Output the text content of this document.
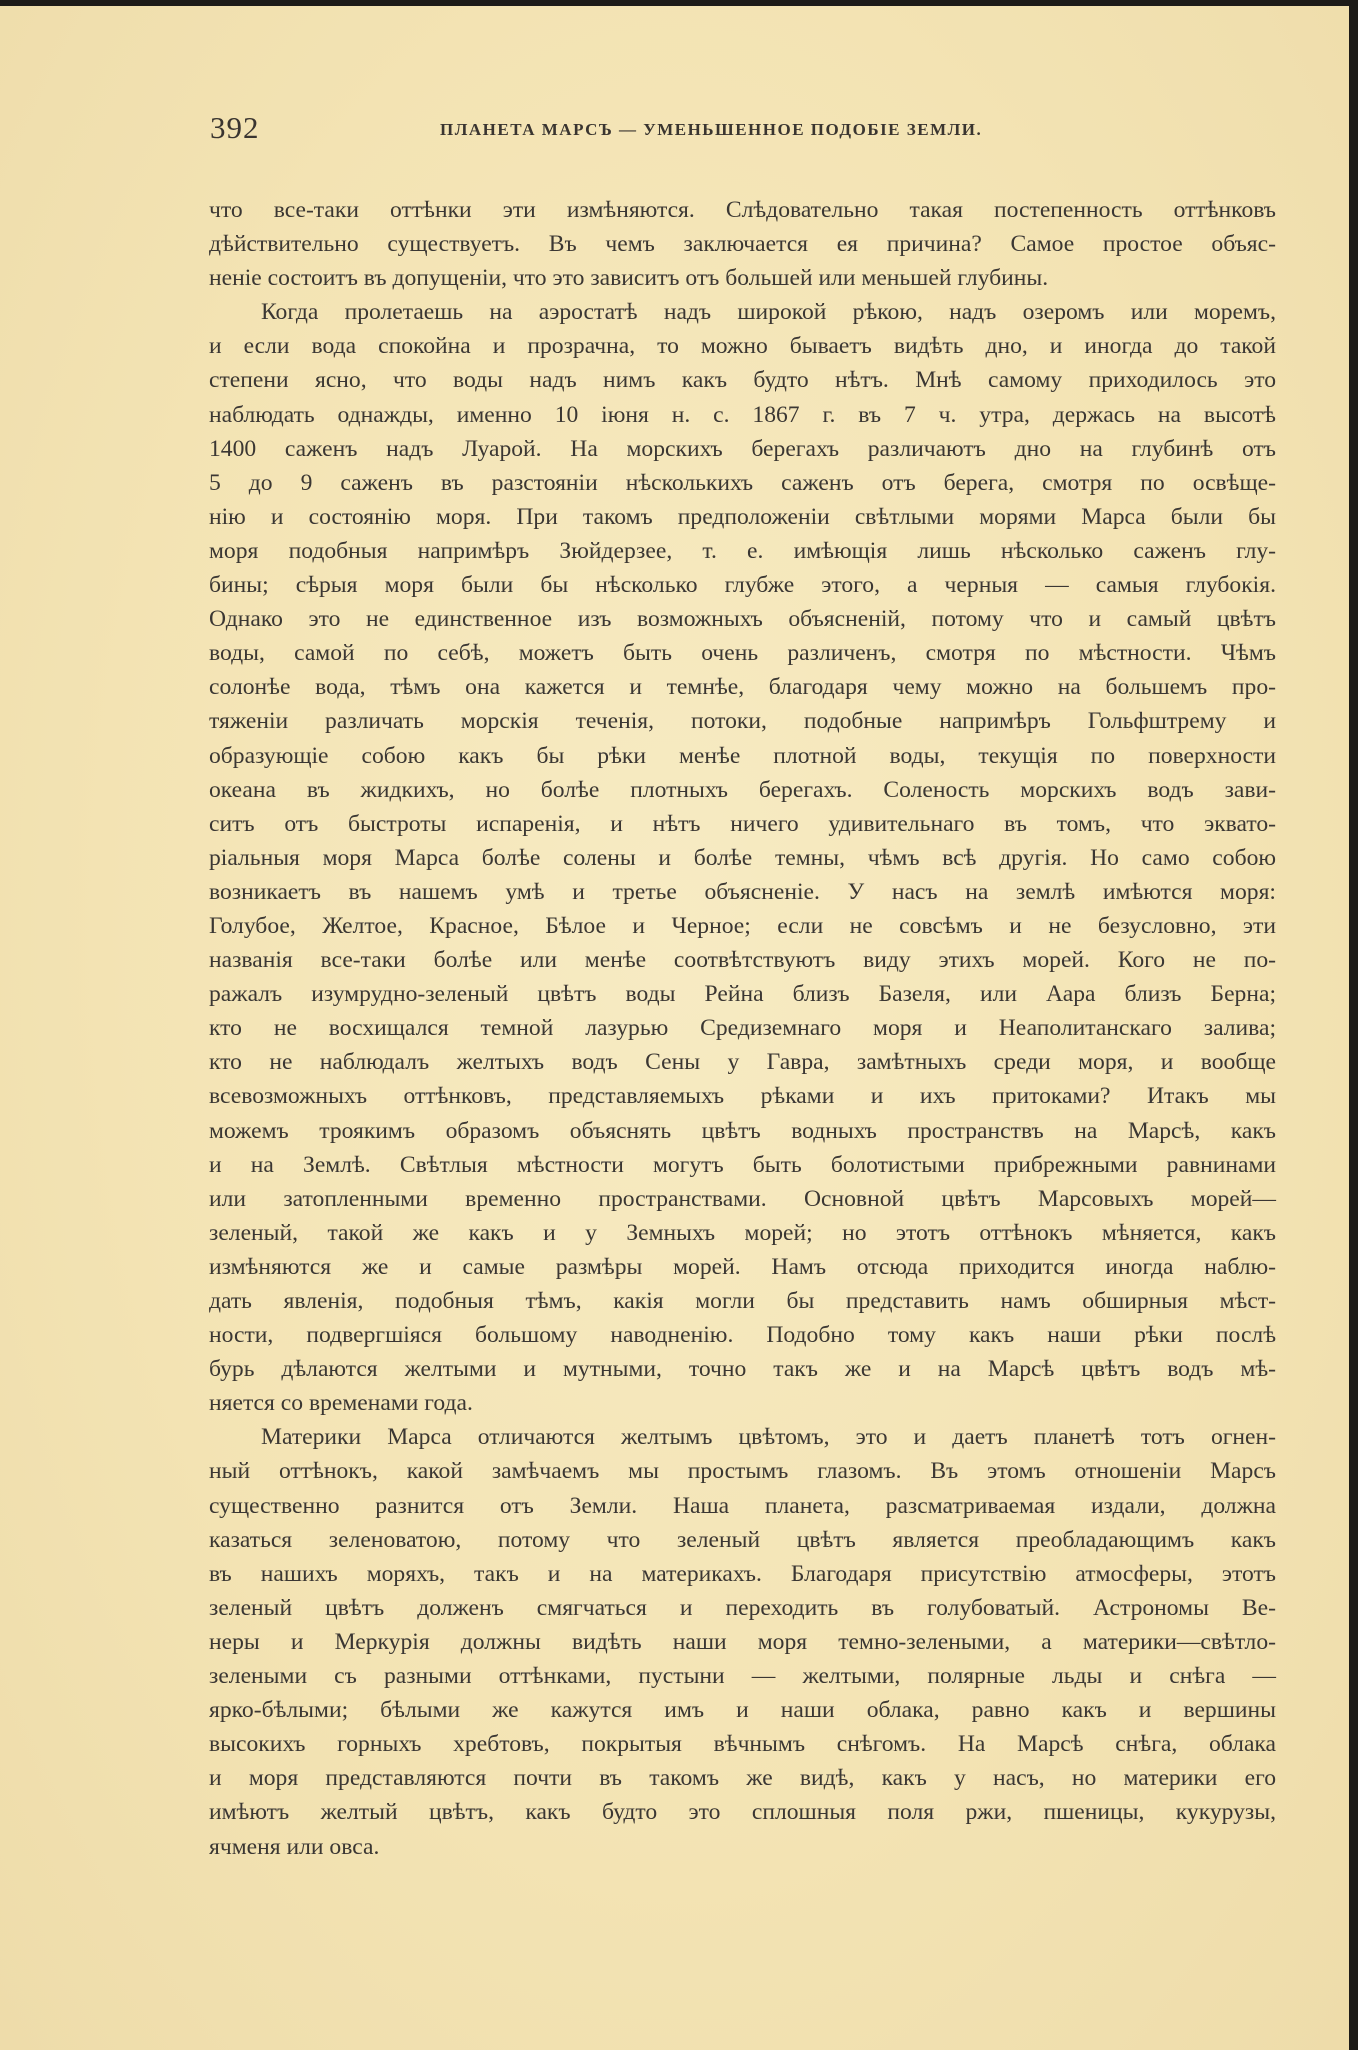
392	ПЛАНЕТА МАРСЪ — УМЕНЬШЕННОЕ ПОДОБІЕ ЗЕМЛИ.
что все-таки оттѣнки эти измѣняются. Слѣдовательно такая постепенность оттѣнковъ
дѣйствительно существуетъ. Въ чемъ заключается ея причина? Самое простое объяс-
неніе состоитъ въ допущеніи, что это зависитъ отъ большей или меньшей глубины.
Когда пролетаешь на аэростатѣ надъ широкой рѣкою, надъ озеромъ или моремъ,
и если вода спокойна и прозрачна, то можно бываетъ видѣть дно, и иногда до такой
степени ясно, что воды надъ нимъ какъ будто нѣтъ. Мнѣ самому приходилось это
наблюдать однажды, именно 10 іюня н. с. 1867 г. въ 7 ч. утра, держась на высотѣ
1400 саженъ надъ Луарой. На морскихъ берегахъ различаютъ дно на глубинѣ отъ
5 до 9 саженъ въ разстояніи нѣсколькихъ саженъ отъ берега, смотря по освѣще-
нію и состоянію моря. При такомъ предположеніи свѣтлыми морями Марса были бы
моря подобныя напримѣръ Зюйдерзее, т. е. имѣющія лишь нѣсколько саженъ глу-
бины; сѣрыя моря были бы нѣсколько глубже этого, а черныя — самыя глубокія.
Однако это не единственное изъ возможныхъ объясненій, потому что и самый цвѣтъ
воды, самой по себѣ, можетъ быть очень различенъ, смотря по мѣстности. Чѣмъ
солонѣе вода, тѣмъ она кажется и темнѣе, благодаря чему можно на большемъ про-
тяженіи различать морскія теченія, потоки, подобные напримѣръ Гольфштрему и
образующіе собою какъ бы рѣки менѣе плотной воды, текущія по поверхности
океана въ жидкихъ, но болѣе плотныхъ берегахъ. Соленость морскихъ водъ зави-
ситъ отъ быстроты испаренія, и нѣтъ ничего удивительнаго въ томъ, что эквато-
ріальныя моря Марса болѣе солены и болѣе темны, чѣмъ всѣ другія. Но само собою
возникаетъ въ нашемъ умѣ и третье объясненіе. У насъ на землѣ имѣются моря:
Голубое, Желтое, Красное, Бѣлое и Черное; если не совсѣмъ и не безусловно, эти
названія все-таки болѣе или менѣе соотвѣтствуютъ виду этихъ морей. Кого не по-
ражалъ изумрудно-зеленый цвѣтъ воды Рейна близъ Базеля, или Аара близъ Берна;
кто не восхищался темной лазурью Средиземнаго моря и Неаполитанскаго залива;
кто не наблюдалъ желтыхъ водъ Сены у Гавра, замѣтныхъ среди моря, и вообще
всевозможныхъ оттѣнковъ, представляемыхъ рѣками и ихъ притоками? Итакъ мы
можемъ троякимъ образомъ объяснять цвѣтъ водныхъ пространствъ на Марсѣ, какъ
и на Землѣ. Свѣтлыя мѣстности могутъ быть болотистыми прибрежными равнинами
или затопленными временно пространствами. Основной цвѣтъ Марсовыхъ морей—
зеленый, такой же какъ и у Земныхъ морей; но этотъ оттѣнокъ мѣняется, какъ
измѣняются же и самые размѣры морей. Намъ отсюда приходится иногда наблю-
дать явленія, подобныя тѣмъ, какія могли бы представить намъ обширныя мѣст-
ности, подвергшіяся большому наводненію. Подобно тому какъ наши рѣки послѣ
бурь дѣлаются желтыми и мутными, точно такъ же и на Марсѣ цвѣтъ водъ мѣ-
няется со временами года.
Материки Марса отличаются желтымъ цвѣтомъ, это и даетъ планетѣ тотъ огнен-
ный оттѣнокъ, какой замѣчаемъ мы простымъ глазомъ. Въ этомъ отношеніи Марсъ
существенно разнится отъ Земли. Наша планета, разсматриваемая издали, должна
казаться зеленоватою, потому что зеленый цвѣтъ является преобладающимъ какъ
въ нашихъ моряхъ, такъ и на материкахъ. Благодаря присутствію атмосферы, этотъ
зеленый цвѣтъ долженъ смягчаться и переходить въ голубоватый. Астрономы Ве-
неры и Меркурія должны видѣть наши моря темно-зелеными, а материки—свѣтло-
зелеными съ разными оттѣнками, пустыни — желтыми, полярные льды и снѣга —
ярко-бѣлыми; бѣлыми же кажутся имъ и наши облака, равно какъ и вершины
высокихъ горныхъ хребтовъ, покрытыя вѣчнымъ снѣгомъ. На Марсѣ снѣга, облака
и моря представляются почти въ такомъ же видѣ, какъ у насъ, но материки его
имѣютъ желтый цвѣтъ, какъ будто это сплошныя поля ржи, пшеницы, кукурузы,
ячменя или овса.
